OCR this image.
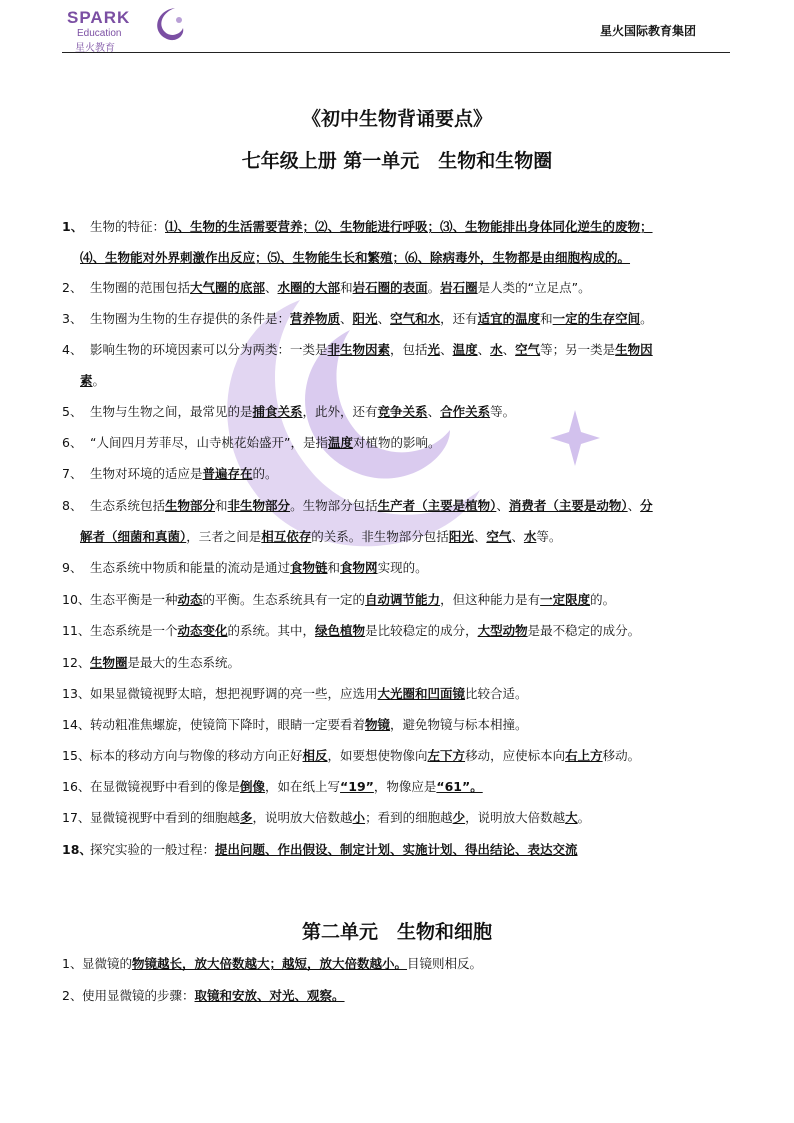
SPARK
Education
星火教育
星火国际教育集团
《初中生物背诵要点》
七年级上册 第一单元　生物和生物圈
1、 生物的特征：⑴、生物的生活需要营养；⑵、生物能进行呼吸；⑶、生物能排出身体同化逆生的废物；
⑷、生物能对外界刺激作出反应；⑸、生物能生长和繁殖；⑹、除病毒外，生物都是由细胞构成的。
2、 生物圈的范围包括大气圈的底部、水圈的大部和岩石圈的表面。岩石圈是人类的“立足点”。
3、 生物圈为生物的生存提供的条件是：营养物质、阳光、空气和水，还有适宜的温度和一定的生存空间。
4、 影响生物的环境因素可以分为两类：一类是非生物因素，包括光、温度、水、空气等；另一类是生物因
素。
5、 生物与生物之间，最常见的是捕食关系，此外，还有竞争关系、合作关系等。
6、 “人间四月芳菲尽，山寺桃花始盛开”，是指温度对植物的影响。
7、 生物对环境的适应是普遍存在的。
8、 生态系统包括生物部分和非生物部分。生物部分包括生产者（主要是植物）、消费者（主要是动物）、分
解者（细菌和真菌），三者之间是相互依存的关系。非生物部分包括阳光、空气、水等。
9、 生态系统中物质和能量的流动是通过食物链和食物网实现的。
10、生态平衡是一种动态的平衡。生态系统具有一定的自动调节能力，但这种能力是有一定限度的。
11、生态系统是一个动态变化的系统。其中，绿色植物是比较稳定的成分，大型动物是最不稳定的成分。
12、生物圈是最大的生态系统。
13、如果显微镜视野太暗，想把视野调的亮一些，应选用大光圈和凹面镜比较合适。
14、转动粗准焦螺旋，使镜筒下降时，眼睛一定要看着物镜，避免物镜与标本相撞。
15、标本的移动方向与物像的移动方向正好相反，如要想使物像向左下方移动，应使标本向右上方移动。
16、在显微镜视野中看到的像是倒像，如在纸上写“19”，物像应是“61”。
17、显微镜视野中看到的细胞越多，说明放大倍数越小；看到的细胞越少，说明放大倍数越大。
18、探究实验的一般过程：提出问题、作出假设、制定计划、实施计划、得出结论、表达交流
第二单元　生物和细胞
1、显微镜的物镜越长，放大倍数越大；越短，放大倍数越小。目镜则相反。
2、使用显微镜的步骤：取镜和安放、对光、观察。
